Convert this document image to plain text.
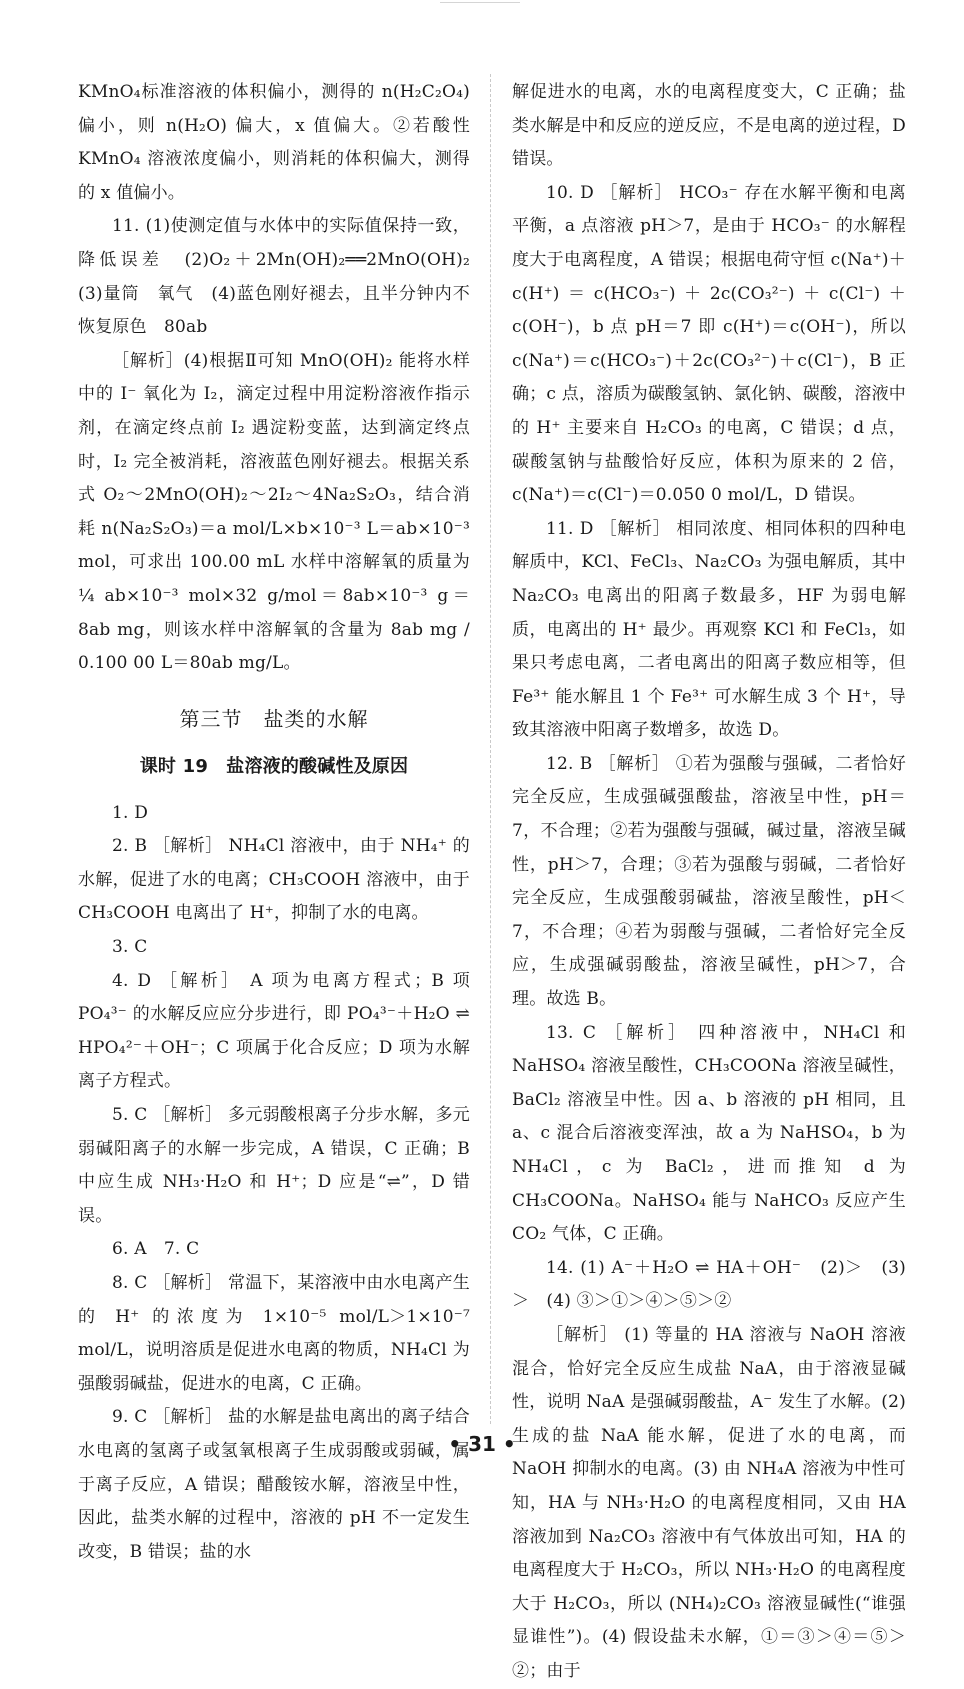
KMnO₄标准溶液的体积偏小，测得的 n(H₂C₂O₄) 偏小，则 n(H₂O) 偏大，x 值偏大。②若酸性 KMnO₄ 溶液浓度偏小，则消耗的体积偏大，测得的 x 值偏小。

11. (1)使测定值与水体中的实际值保持一致，降低误差　(2)O₂＋2Mn(OH)₂══2MnO(OH)₂　(3)量筒　氧气　(4)蓝色刚好褪去，且半分钟内不恢复原色　80ab

［解析］(4)根据Ⅱ可知 MnO(OH)₂ 能将水样中的 I⁻ 氧化为 I₂，滴定过程中用淀粉溶液作指示剂，在滴定终点前 I₂ 遇淀粉变蓝，达到滴定终点时，I₂ 完全被消耗，溶液蓝色刚好褪去。根据关系式 O₂～2MnO(OH)₂～2I₂～4Na₂S₂O₃，结合消耗 n(Na₂S₂O₃)＝a mol/L×b×10⁻³ L＝ab×10⁻³ mol，可求出 100.00 mL 水样中溶解氧的质量为 ¼ ab×10⁻³ mol×32 g/mol＝8ab×10⁻³ g＝8ab mg，则该水样中溶解氧的含量为 8ab mg / 0.100 00 L＝80ab mg/L。

第三节　盐类的水解
课时 19　盐溶液的酸碱性及原因

1. D

2. B ［解析］ NH₄Cl 溶液中，由于 NH₄⁺ 的水解，促进了水的电离；CH₃COOH 溶液中，由于 CH₃COOH 电离出了 H⁺，抑制了水的电离。

3. C

4. D ［解析］ A 项为电离方程式；B 项 PO₄³⁻ 的水解反应应分步进行，即 PO₄³⁻＋H₂O ⇌ HPO₄²⁻＋OH⁻；C 项属于化合反应；D 项为水解离子方程式。

5. C ［解析］ 多元弱酸根离子分步水解，多元弱碱阳离子的水解一步完成，A 错误，C 正确；B 中应生成 NH₃·H₂O 和 H⁺；D 应是“⇌”，D 错误。

6. A　7. C

8. C ［解析］ 常温下，某溶液中由水电离产生的 H⁺ 的浓度为 1×10⁻⁵ mol/L＞1×10⁻⁷ mol/L，说明溶质是促进水电离的物质，NH₄Cl 为强酸弱碱盐，促进水的电离，C 正确。

9. C ［解析］ 盐的水解是盐电离出的离子结合水电离的氢离子或氢氧根离子生成弱酸或弱碱，属于离子反应，A 错误；醋酸铵水解，溶液呈中性，因此，盐类水解的过程中，溶液的 pH 不一定发生改变，B 错误；盐的水

解促进水的电离，水的电离程度变大，C 正确；盐类水解是中和反应的逆反应，不是电离的逆过程，D 错误。

10. D ［解析］ HCO₃⁻ 存在水解平衡和电离平衡，a 点溶液 pH＞7，是由于 HCO₃⁻ 的水解程度大于电离程度，A 错误；根据电荷守恒 c(Na⁺)＋c(H⁺)＝c(HCO₃⁻)＋2c(CO₃²⁻)＋c(Cl⁻)＋c(OH⁻)，b 点 pH＝7 即 c(H⁺)＝c(OH⁻)，所以 c(Na⁺)＝c(HCO₃⁻)＋2c(CO₃²⁻)＋c(Cl⁻)，B 正确；c 点，溶质为碳酸氢钠、氯化钠、碳酸，溶液中的 H⁺ 主要来自 H₂CO₃ 的电离，C 错误；d 点，碳酸氢钠与盐酸恰好反应，体积为原来的 2 倍，c(Na⁺)＝c(Cl⁻)＝0.050 0 mol/L，D 错误。

11. D ［解析］ 相同浓度、相同体积的四种电解质中，KCl、FeCl₃、Na₂CO₃ 为强电解质，其中 Na₂CO₃ 电离出的阳离子数最多，HF 为弱电解质，电离出的 H⁺ 最少。再观察 KCl 和 FeCl₃，如果只考虑电离，二者电离出的阳离子数应相等，但 Fe³⁺ 能水解且 1 个 Fe³⁺ 可水解生成 3 个 H⁺，导致其溶液中阳离子数增多，故选 D。

12. B ［解析］ ①若为强酸与强碱，二者恰好完全反应，生成强碱强酸盐，溶液呈中性，pH＝7，不合理；②若为强酸与强碱，碱过量，溶液呈碱性，pH＞7，合理；③若为强酸与弱碱，二者恰好完全反应，生成强酸弱碱盐，溶液呈酸性，pH＜7，不合理；④若为弱酸与强碱，二者恰好完全反应，生成强碱弱酸盐，溶液呈碱性，pH＞7，合理。故选 B。

13. C ［解析］ 四种溶液中，NH₄Cl 和 NaHSO₄ 溶液呈酸性，CH₃COONa 溶液呈碱性，BaCl₂ 溶液呈中性。因 a、b 溶液的 pH 相同，且 a、c 混合后溶液变浑浊，故 a 为 NaHSO₄，b 为 NH₄Cl，c 为 BaCl₂，进而推知 d 为 CH₃COONa。NaHSO₄ 能与 NaHCO₃ 反应产生 CO₂ 气体，C 正确。

14. (1) A⁻＋H₂O ⇌ HA＋OH⁻　(2)＞　(3)＞　(4) ③＞①＞④＞⑤＞②

［解析］ (1) 等量的 HA 溶液与 NaOH 溶液混合，恰好完全反应生成盐 NaA，由于溶液显碱性，说明 NaA 是强碱弱酸盐，A⁻ 发生了水解。(2) 生成的盐 NaA 能水解，促进了水的电离，而 NaOH 抑制水的电离。(3) 由 NH₄A 溶液为中性可知，HA 与 NH₃·H₂O 的电离程度相同，又由 HA 溶液加到 Na₂CO₃ 溶液中有气体放出可知，HA 的电离程度大于 H₂CO₃，所以 NH₃·H₂O 的电离程度大于 H₂CO₃，所以 (NH₄)₂CO₃ 溶液显碱性(“谁强显谁性”)。(4) 假设盐未水解，①＝③＞④＝⑤＞②；由于

• 31 •
